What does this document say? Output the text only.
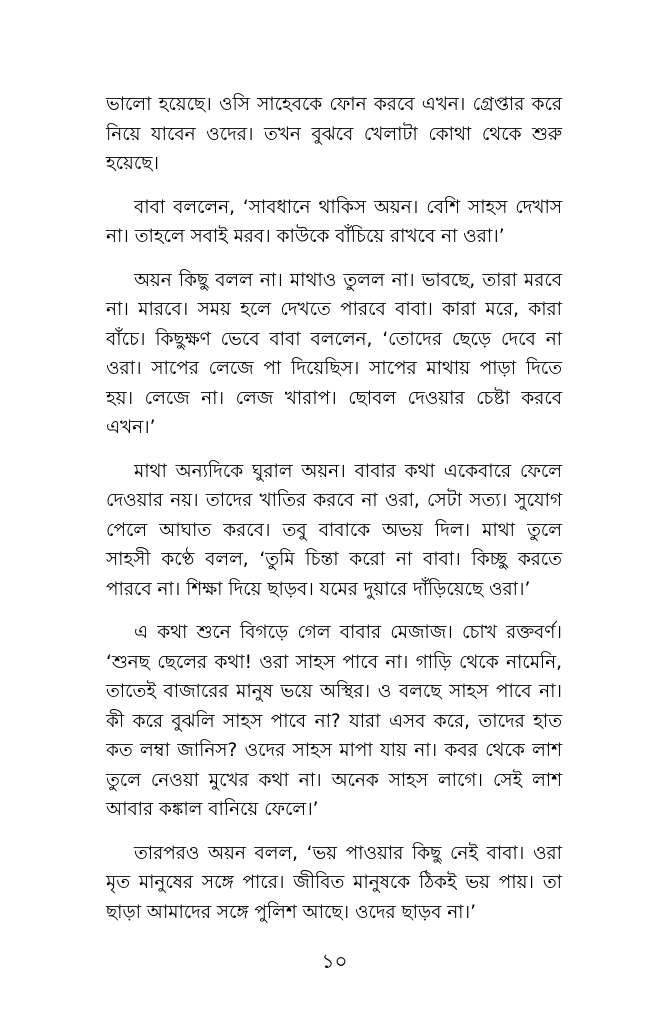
ভালো হয়েছে। ওসি সাহেবকে ফোন করবে এখন। গ্রেপ্তার করে নিয়ে যাবেন ওদের। তখন বুঝবে খেলাটা কোথা থেকে শুরু হয়েছে।

বাবা বললেন, ‘সাবধানে থাকিস অয়ন। বেশি সাহস দেখাস না। তাহলে সবাই মরব। কাউকে বাঁচিয়ে রাখবে না ওরা।’

অয়ন কিছু বলল না। মাথাও তুলল না। ভাবছে, তারা মরবে না। মারবে। সময় হলে দেখতে পারবে বাবা। কারা মরে, কারা বাঁচে। কিছুক্ষণ ভেবে বাবা বললেন, ‘তোদের ছেড়ে দেবে না ওরা। সাপের লেজে পা দিয়েছিস। সাপের মাথায় পাড়া দিতে হয়। লেজে না। লেজ খারাপ। ছোবল দেওয়ার চেষ্টা করবে এখন।’

মাথা অন্যদিকে ঘুরাল অয়ন। বাবার কথা একেবারে ফেলে দেওয়ার নয়। তাদের খাতির করবে না ওরা, সেটা সত্য। সুযোগ পেলে আঘাত করবে। তবু বাবাকে অভয় দিল। মাথা তুলে সাহসী কণ্ঠে বলল, ‘তুমি চিন্তা করো না বাবা। কিচ্ছু করতে পারবে না। শিক্ষা দিয়ে ছাড়ব। যমের দুয়ারে দাঁড়িয়েছে ওরা।’

এ কথা শুনে বিগড়ে গেল বাবার মেজাজ। চোখ রক্তবর্ণ। ‘শুনছ ছেলের কথা! ওরা সাহস পাবে না। গাড়ি থেকে নামেনি, তাতেই বাজারের মানুষ ভয়ে অস্থির। ও বলছে সাহস পাবে না। কী করে বুঝলি সাহস পাবে না? যারা এসব করে, তাদের হাত কত লম্বা জানিস? ওদের সাহস মাপা যায় না। কবর থেকে লাশ তুলে নেওয়া মুখের কথা না। অনেক সাহস লাগে। সেই লাশ আবার কঙ্কাল বানিয়ে ফেলে।’

তারপরও অয়ন বলল, ‘ভয় পাওয়ার কিছু নেই বাবা। ওরা মৃত মানুষের সঙ্গে পারে। জীবিত মানুষকে ঠিকই ভয় পায়। তা ছাড়া আমাদের সঙ্গে পুলিশ আছে। ওদের ছাড়ব না।’

১০
